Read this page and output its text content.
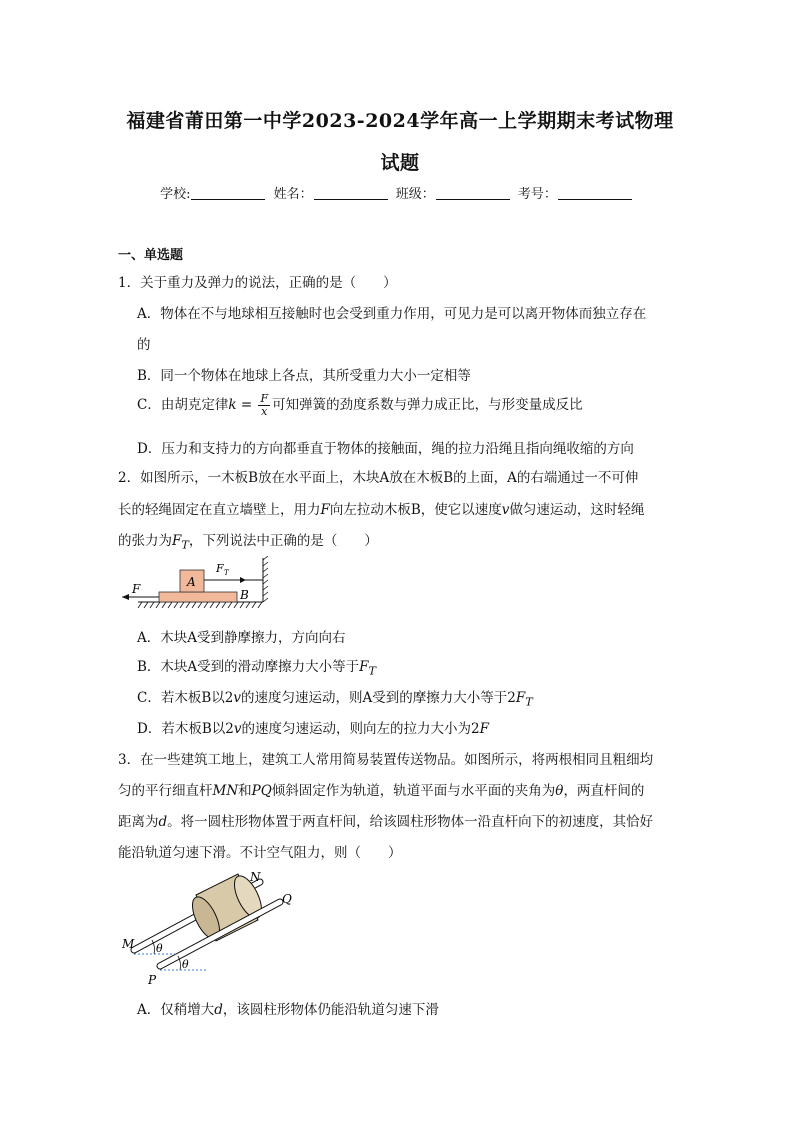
福建省莆田第一中学2023-2024学年高一上学期期末考试物理
试题
学校:	姓名：	班级：	考号：
一、单选题
1．关于重力及弹力的说法，正确的是（　　）
A．物体在不与地球相互接触时也会受到重力作用，可见力是可以离开物体而独立存在
的
B．同一个物体在地球上各点，其所受重力大小一定相等
C．由胡克定律$k = \frac{F}{x}$ 可知弹簧的劲度系数与弹力成正比，与形变量成反比
D．压力和支持力的方向都垂直于物体的接触面，绳的拉力沿绳且指向绳收缩的方向
2．如图所示，一木板B放在水平面上，木块A放在木板B的上面，A的右端通过一不可伸
长的轻绳固定在直立墙壁上，用力F向左拉动木板B，使它以速度v做匀速运动，这时轻绳
的张力为$F_T$，下列说法中正确的是（　　）
A
F T
F	B
A．木块A受到静摩擦力，方向向右
B．木块A受到的滑动摩擦力大小等于$F_T$
C．若木板B以2v的速度匀速运动，则A受到的摩擦力大小等于$2F_T$
D．若木板B以2v的速度匀速运动，则向左的拉力大小为2F
3．在一些建筑工地上，建筑工人常用简易装置传送物品。如图所示，将两根相同且粗细均
匀的平行细直杆MN和PQ倾斜固定作为轨道，轨道平面与水平面的夹角为θ，两直杆间的
距离为d。将一圆柱形物体置于两直杆间，给该圆柱形物体一沿直杆向下的初速度，其恰好
能沿轨道匀速下滑。不计空气阻力，则（　　）
θ
θ
M
P
N
Q
A．仅稍增大d，该圆柱形物体仍能沿轨道匀速下滑
